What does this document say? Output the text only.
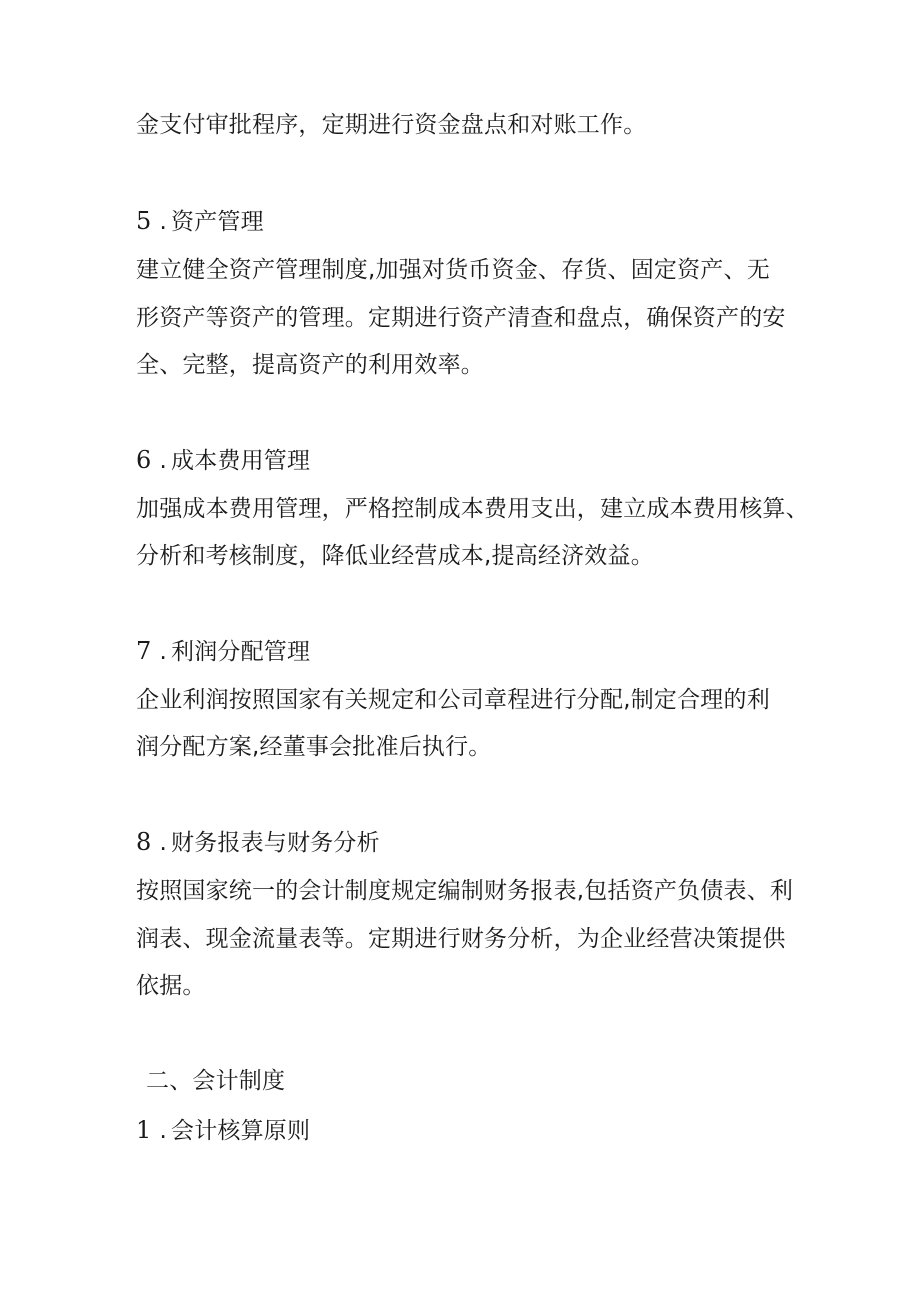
金支付审批程序，定期进行资金盘点和对账工作。
5 . 资产管理
建立健全资产管理制度,加强对货币资金、存货、固定资产、无
形资产等资产的管理。定期进行资产清查和盘点，确保资产的安
全、完整，提高资产的利用效率。
6 . 成本费用管理
加强成本费用管理，严格控制成本费用支出，建立成本费用核算、
分析和考核制度，降低业经营成本,提高经济效益。
7 . 利润分配管理
企业利润按照国家有关规定和公司章程进行分配,制定合理的利
润分配方案,经董事会批准后执行。
8 . 财务报表与财务分析
按照国家统一的会计制度规定编制财务报表,包括资产负债表、利
润表、现金流量表等。定期进行财务分析，为企业经营决策提供
依据。
二、会计制度
1 . 会计核算原则
